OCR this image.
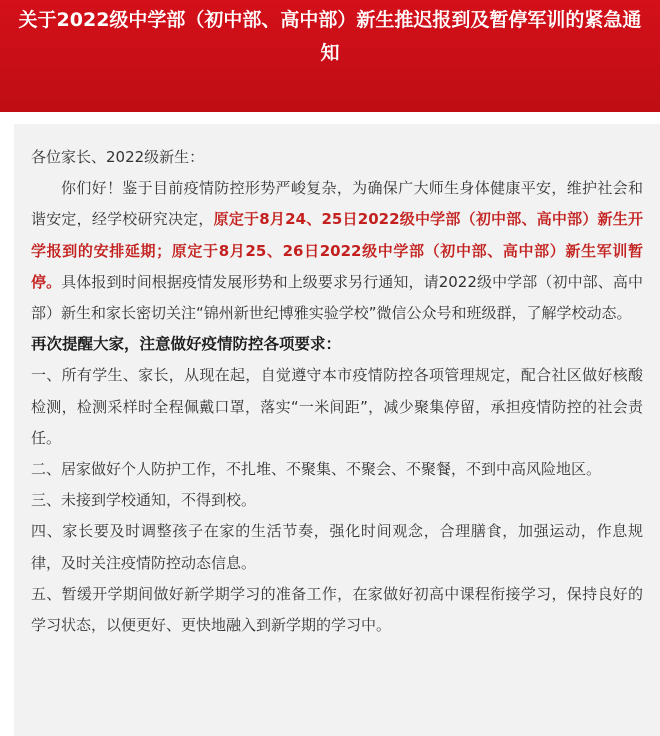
关于2022级中学部（初中部、高中部）新生推迟报到及暂停军训的紧急通知

各位家长、2022级新生：

你们好！鉴于目前疫情防控形势严峻复杂，为确保广大师生身体健康平安，维护社会和谐安定，经学校研究决定，原定于8月24、25日2022级中学部（初中部、高中部）新生开学报到的安排延期；原定于8月25、26日2022级中学部（初中部、高中部）新生军训暂停。具体报到时间根据疫情发展形势和上级要求另行通知，请2022级中学部（初中部、高中部）新生和家长密切关注“锦州新世纪博雅实验学校”微信公众号和班级群，了解学校动态。

再次提醒大家，注意做好疫情防控各项要求：

一、所有学生、家长，从现在起，自觉遵守本市疫情防控各项管理规定，配合社区做好核酸检测，检测采样时全程佩戴口罩，落实“一米间距”，减少聚集停留，承担疫情防控的社会责任。

二、居家做好个人防护工作，不扎堆、不聚集、不聚会、不聚餐，不到中高风险地区。

三、未接到学校通知，不得到校。

四、家长要及时调整孩子在家的生活节奏，强化时间观念，合理膳食，加强运动，作息规律，及时关注疫情防控动态信息。

五、暂缓开学期间做好新学期学习的准备工作，在家做好初高中课程衔接学习，保持良好的学习状态，以便更好、更快地融入到新学期的学习中。
